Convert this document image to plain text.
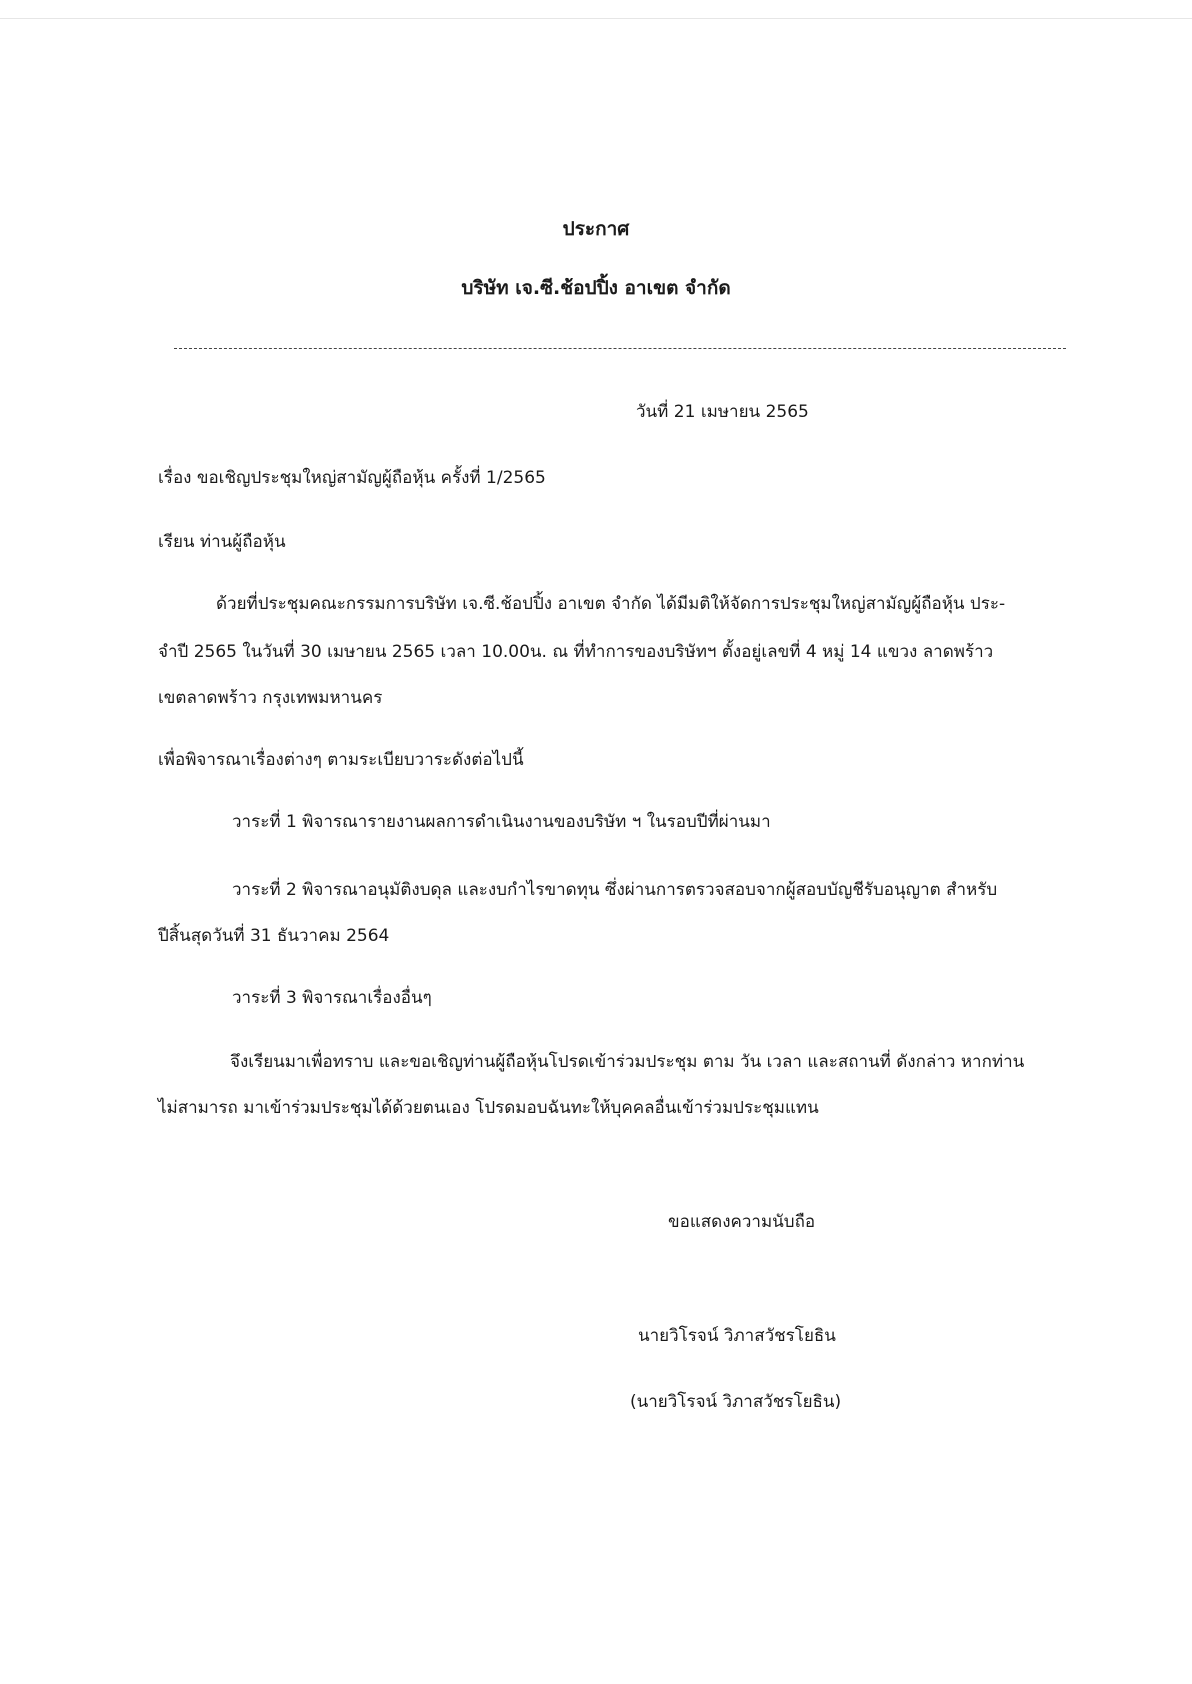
ประกาศ
บริษัท เจ.ซี.ช้อปปิ้ง อาเขต จำกัด
วันที่ 21 เมษายน 2565
เรื่อง ขอเชิญประชุมใหญ่สามัญผู้ถือหุ้น ครั้งที่ 1/2565
เรียน ท่านผู้ถือหุ้น
ด้วยที่ประชุมคณะกรรมการบริษัท เจ.ซี.ช้อปปิ้ง อาเขต จำกัด ได้มีมติให้จัดการประชุมใหญ่สามัญผู้ถือหุ้น ประ-
จำปี 2565 ในวันที่ 30 เมษายน 2565 เวลา 10.00น. ณ ที่ทำการของบริษัทฯ ตั้งอยู่เลขที่ 4 หมู่ 14 แขวง ลาดพร้าว
เขตลาดพร้าว กรุงเทพมหานคร
เพื่อพิจารณาเรื่องต่างๆ ตามระเบียบวาระดังต่อไปนี้
วาระที่ 1 พิจารณารายงานผลการดำเนินงานของบริษัท ฯ ในรอบปีที่ผ่านมา
วาระที่ 2 พิจารณาอนุมัติงบดุล และงบกำไรขาดทุน ซึ่งผ่านการตรวจสอบจากผู้สอบบัญชีรับอนุญาต สำหรับ
ปีสิ้นสุดวันที่ 31 ธันวาคม 2564
วาระที่ 3 พิจารณาเรื่องอื่นๆ
จึงเรียนมาเพื่อทราบ และขอเชิญท่านผู้ถือหุ้นโปรดเข้าร่วมประชุม ตาม วัน เวลา และสถานที่ ดังกล่าว หากท่าน
ไม่สามารถ มาเข้าร่วมประชุมได้ด้วยตนเอง โปรดมอบฉันทะให้บุคคลอื่นเข้าร่วมประชุมแทน
ขอแสดงความนับถือ
นายวิโรจน์ วิภาสวัชรโยธิน
(นายวิโรจน์ วิภาสวัชรโยธิน)
